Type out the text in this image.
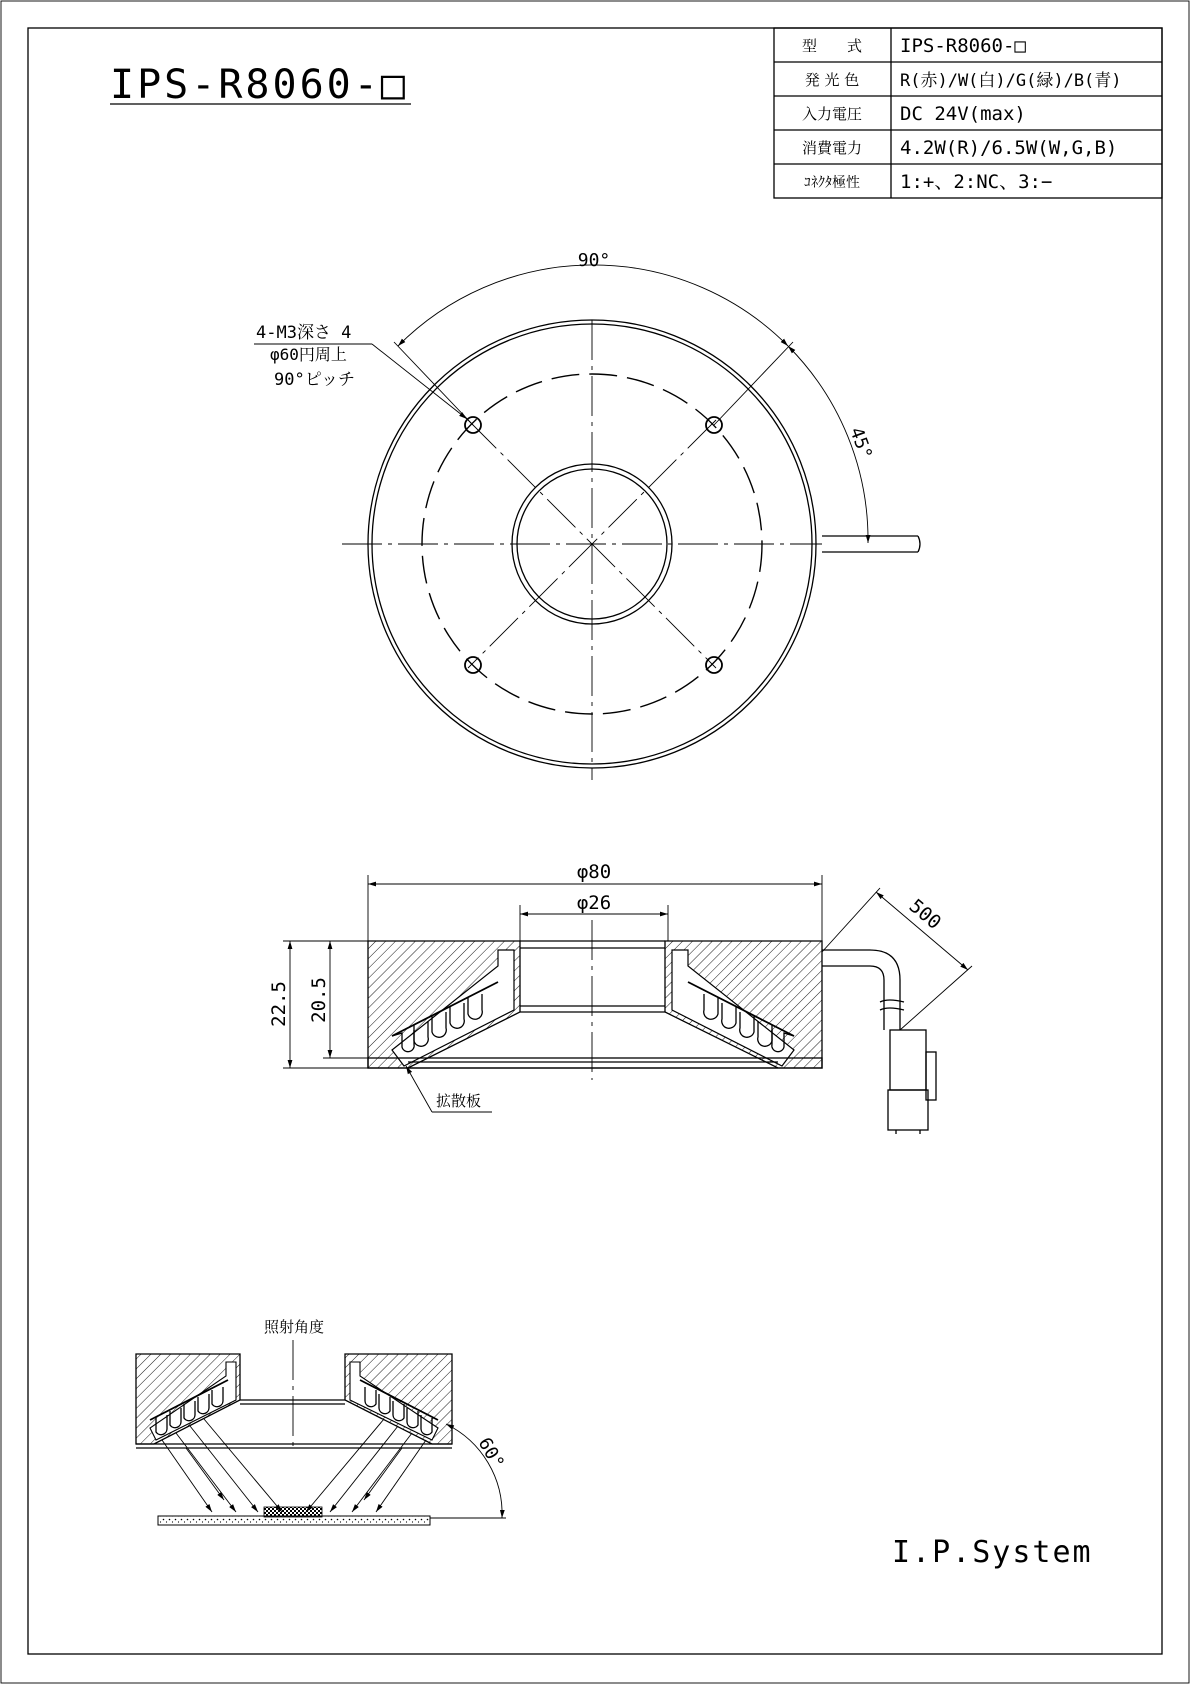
IPS-R8060-□
型　　式 IPS-R8060-□
発 光 色 R(赤)/W(白)/G(緑)/B(青)
入力電圧 DC 24V(max)
消費電力 4.2W(R)/6.5W(W,G,B)
ｺﾈｸﾀ極性 1:+、2:NC、3:−
90°
45°
4-M3深さ 4
φ60円周上
90°ピッチ
φ80
φ26
22.5 20.5
500
拡散板
照射角度
60°
I.P.System
